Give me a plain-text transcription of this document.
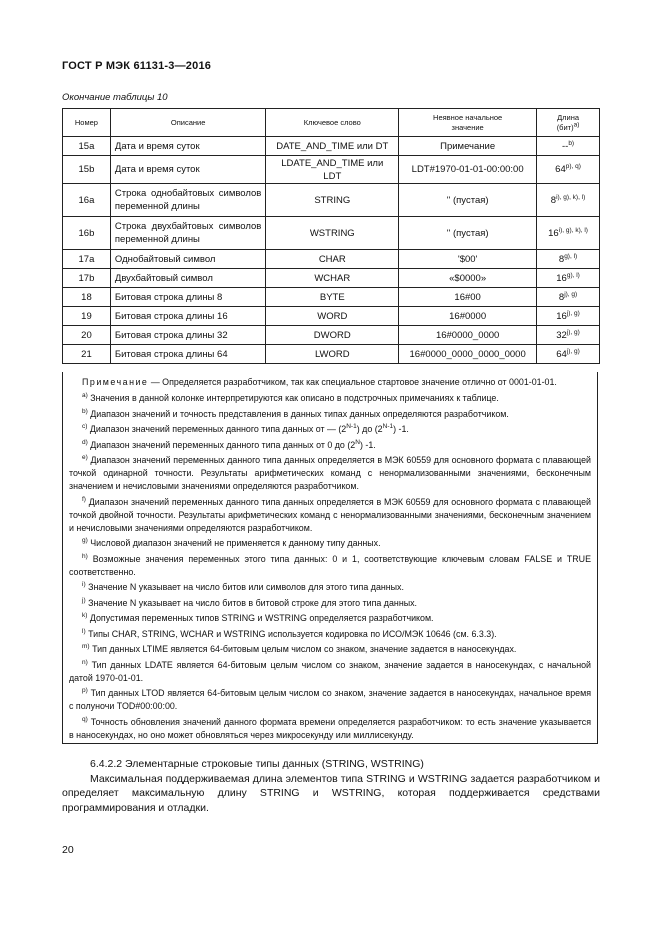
ГОСТ Р МЭК 61131-3—2016
Окончание таблицы 10
Номер	Описание	Ключевое слово	Неявное начальное значение	Длина (бит)$^{a)}$
15a	Дата и время суток	DATE_AND_TIME или DT	Примечание	--$^{b)}$
15b	Дата и время суток	LDATE_AND_TIME или LDT	LDT#1970-01-01-00:00:00	$64^{p), q)}$
16a	Строка однобайтовых символов переменной длины	STRING	'' (пустая)	$8^{i), g), k), l)}$
16b	Строка двухбайтовых символов переменной длины	WSTRING	'' (пустая)	$16^{i), g), k), l)}$
17a	Однобайтовый символ	CHAR	'$00'	$8^{g), l)}$
17b	Двухбайтовый символ	WCHAR	«$0000»	$16^{g), l)}$
18	Битовая строка длины 8	BYTE	16#00	$8^{j), g)}$
19	Битовая строка длины 16	WORD	16#0000	$16^{j), g)}$
20	Битовая строка длины 32	DWORD	16#0000_0000	$32^{j), g)}$
21	Битовая строка длины 64	LWORD	16#0000_0000_0000_0000	$64^{j), g)}$

Примечание — Определяется разработчиком, так как специальное стартовое значение отлично от 0001-01-01.

$^{a)}$ Значения в данной колонке интерпретируются как описано в подстрочных примечаниях к таблице.

$^{b)}$ Диапазон значений и точность представления в данных типах данных определяются разработчиком.

$^{c)}$ Диапазон значений переменных данного типа данных от — $(2^{N-1})$ до $(2^{N-1})$ -1.

$^{d)}$ Диапазон значений переменных данного типа данных от 0 до $(2^N)$ -1.

$^{e)}$ Диапазон значений переменных данного типа данных определяется в МЭК 60559 для основного формата с плавающей точкой одинарной точности. Результаты арифметических команд с ненормализованными значениями, бесконечным значением и нечисловыми значениями определяются разработчиком.

$^{f)}$ Диапазон значений переменных данного типа данных определяется в МЭК 60559 для основного формата с плавающей точкой двойной точности. Результаты арифметических команд с ненормализованными значениями, бесконечным значением и нечисловыми значениями определяются разработчиком.

$^{g)}$ Числовой диапазон значений не применяется к данному типу данных.

$^{h)}$ Возможные значения переменных этого типа данных: 0 и 1, соответствующие ключевым словам FALSE и TRUE соответственно.

$^{i)}$ Значение N указывает на число битов или символов для этого типа данных.

$^{j)}$ Значение N указывает на число битов в битовой строке для этого типа данных.

$^{k)}$ Допустимая переменных типов STRING и WSTRING определяется разработчиком.

$^{l)}$ Типы CHAR, STRING, WCHAR и WSTRING используется кодировка по ИСО/МЭК 10646 (см. 6.3.3).

$^{m)}$ Тип данных LTIME является 64-битовым целым числом со знаком, значение задается в наносекундах.

$^{n)}$ Тип данных LDATE является 64-битовым целым числом со знаком, значение задается в наносекундах, с начальной датой 1970-01-01.

$^{p)}$ Тип данных LTOD является 64-битовым целым числом со знаком, значение задается в наносекундах, начальное время с полуночи TOD#00:00:00.

$^{q)}$ Точность обновления значений данного формата времени определяется разработчиком: то есть значение указывается в наносекундах, но оно может обновляться через микросекунду или миллисекунду.

6.4.2.2 Элементарные строковые типы данных (STRING, WSTRING)

Максимальная поддерживаемая длина элементов типа STRING и WSTRING задается разработчиком и определяет максимальную длину STRING и WSTRING, которая поддерживается средствами программирования и отладки.

20
